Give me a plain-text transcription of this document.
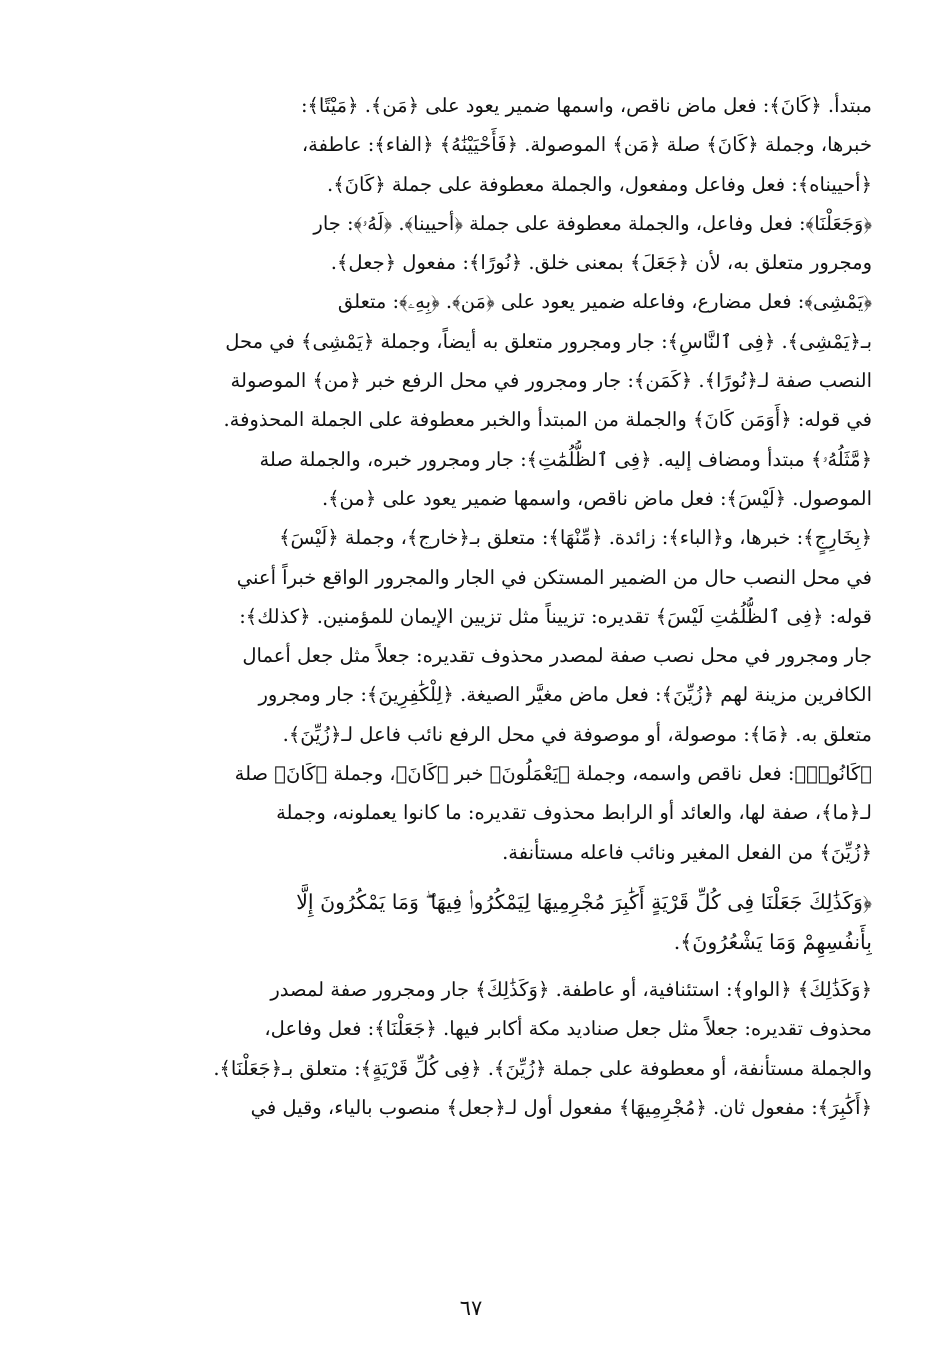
مبتدأ. ﴿كَانَ﴾: فعل ماض ناقص، واسمها ضمير يعود على ﴿مَن﴾. ﴿مَيْتًا﴾:
خبرها، وجملة ﴿كَانَ﴾ صلة ﴿مَن﴾ الموصولة. ﴿فَأَحْيَيْنَٰهُ﴾ ﴿الفاء﴾: عاطفة،
﴿أحييناه﴾: فعل وفاعل ومفعول، والجملة معطوفة على جملة ﴿كَانَ﴾.
﴿وَجَعَلْنَا﴾: فعل وفاعل، والجملة معطوفة على جملة ﴿أحيينا﴾. ﴿لَهُۥ﴾: جار
ومجرور متعلق به، لأن ﴿جَعَلَ﴾ بمعنى خلق. ﴿نُورًا﴾: مفعول ﴿جعل﴾.
﴿يَمْشِى﴾: فعل مضارع، وفاعله ضمير يعود على ﴿مَن﴾. ﴿بِهِۦ﴾: متعلق
بـ﴿يَمْشِى﴾. ﴿فِى ٱلنَّاسِ﴾: جار ومجرور متعلق به أيضاً، وجملة ﴿يَمْشِى﴾ في محل
النصب صفة لـ﴿نُورًا﴾. ﴿كَمَن﴾: جار ومجرور في محل الرفع خبر ﴿من﴾ الموصولة
في قوله: ﴿أَوَمَن كَانَ﴾ والجملة من المبتدأ والخبر معطوفة على الجملة المحذوفة.
﴿مَّثَلُهُۥ﴾ مبتدأ ومضاف إليه. ﴿فِى ٱلظُّلُمَٰتِ﴾: جار ومجرور خبره، والجملة صلة
الموصول. ﴿لَيْسَ﴾: فعل ماض ناقص، واسمها ضمير يعود على ﴿من﴾.
﴿بِخَارِجٍ﴾: خبرها، و﴿الباء﴾: زائدة. ﴿مِّنْهَا﴾: متعلق بـ﴿خارج﴾، وجملة ﴿لَيْسَ﴾
في محل النصب حال من الضمير المستكن في الجار والمجرور الواقع خبراً أعني
قوله: ﴿فِى ٱلظُّلُمَٰتِ لَيْسَ﴾ تقديره: تزييناً مثل تزيين الإيمان للمؤمنين. ﴿كذلك﴾:
جار ومجرور في محل نصب صفة لمصدر محذوف تقديره: جعلاً مثل جعل أعمال
الكافرين مزينة لهم ﴿زُيِّنَ﴾: فعل ماض مغيَّر الصيغة. ﴿لِلْكَٰفِرِينَ﴾: جار ومجرور
متعلق به. ﴿مَا﴾: موصولة، أو موصوفة في محل الرفع نائب فاعل لـ﴿زُيِّنَ﴾.
﴿كَانُوا۟﴾: فعل ناقص واسمه، وجملة ﴿يَعْمَلُونَ﴾ خبر ﴿كَانَ﴾، وجملة ﴿كَانَ﴾ صلة
لـ﴿ما﴾، صفة لها، والعائد أو الرابط محذوف تقديره: ما كانوا يعملونه، وجملة
﴿زُيِّنَ﴾ من الفعل المغير ونائب فاعله مستأنفة.
﴿وَكَذَٰلِكَ جَعَلْنَا فِى كُلِّ قَرْيَةٍ أَكَٰبِرَ مُجْرِمِيهَا لِيَمْكُرُوا۟ فِيهَا ۖ وَمَا يَمْكُرُونَ إِلَّا
بِأَنفُسِهِمْ وَمَا يَشْعُرُونَ﴾.
﴿وَكَذَٰلِكَ﴾ ﴿الواو﴾: استئنافية، أو عاطفة. ﴿وَكَذَٰلِكَ﴾ جار ومجرور صفة لمصدر
محذوف تقديره: جعلاً مثل جعل صناديد مكة أكابر فيها. ﴿جَعَلْنَا﴾: فعل وفاعل،
والجملة مستأنفة، أو معطوفة على جملة ﴿زُيِّنَ﴾. ﴿فِى كُلِّ قَرْيَةٍ﴾: متعلق بـ﴿جَعَلْنَا﴾.
﴿أَكَٰبِرَ﴾: مفعول ثان. ﴿مُجْرِمِيهَا﴾ مفعول أول لـ﴿جعل﴾ منصوب بالياء، وقيل في
٦٧
